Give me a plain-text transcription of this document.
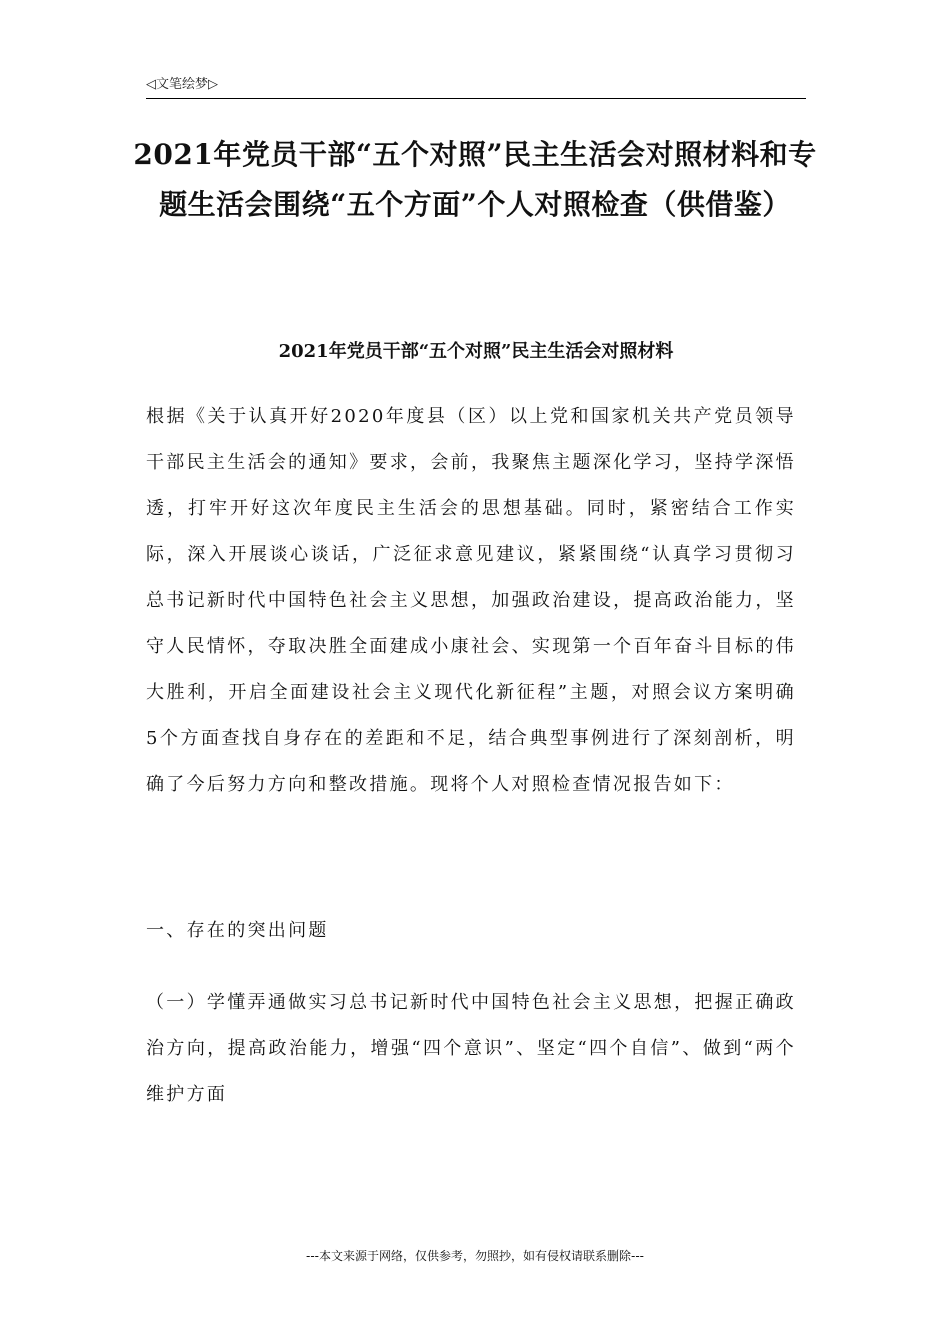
◁文笔绘梦▷
2021年党员干部“五个对照”民主生活会对照材料和专题生活会围绕“五个方面”个人对照检查（供借鉴）
2021年党员干部“五个对照”民主生活会对照材料

根据《关于认真开好2020年度县（区）以上党和国家机关共产党员领导干部民主生活会的通知》要求，会前，我聚焦主题深化学习，坚持学深悟透，打牢开好这次年度民主生活会的思想基础。同时，紧密结合工作实际，深入开展谈心谈话，广泛征求意见建议，紧紧围绕“认真学习贯彻习总书记新时代中国特色社会主义思想，加强政治建设，提高政治能力，坚守人民情怀，夺取决胜全面建成小康社会、实现第一个百年奋斗目标的伟大胜利，开启全面建设社会主义现代化新征程”主题，对照会议方案明确5个方面查找自身存在的差距和不足，结合典型事例进行了深刻剖析，明确了今后努力方向和整改措施。现将个人对照检查情况报告如下：

一、存在的突出问题

（一）学懂弄通做实习总书记新时代中国特色社会主义思想，把握正确政治方向，提高政治能力，增强“四个意识”、坚定“四个自信”、做到“两个维护方面

---本文来源于网络，仅供参考，勿照抄，如有侵权请联系删除---
